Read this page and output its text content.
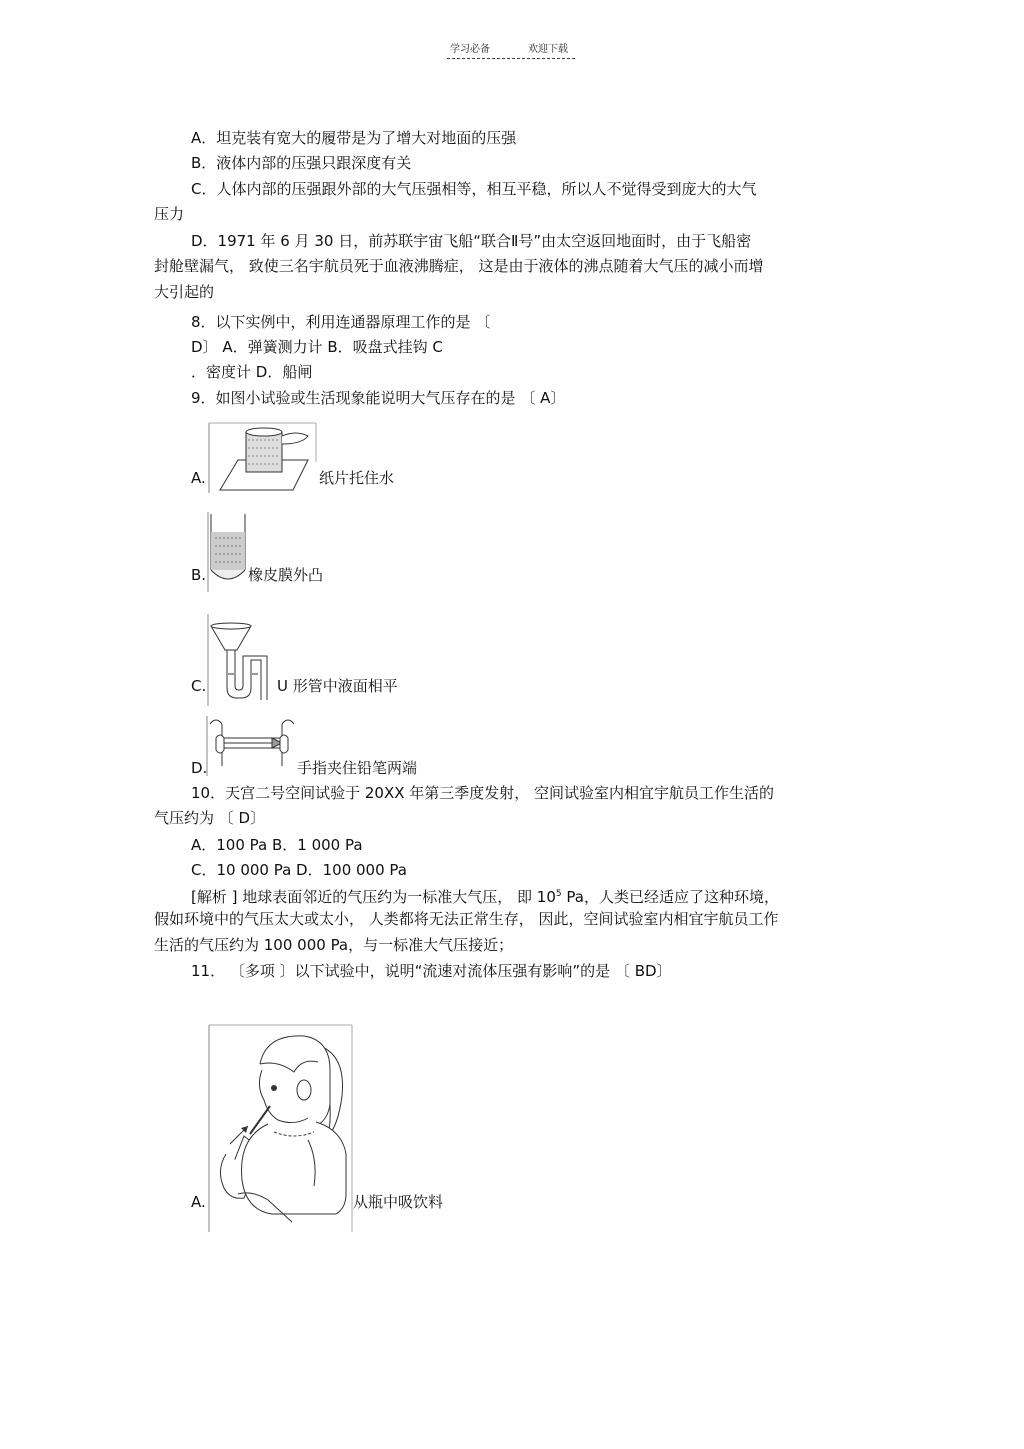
学习必备	欢迎下载
A．坦克装有宽大的履带是为了增大对地面的压强
B．液体内部的压强只跟深度有关
C．人体内部的压强跟外部的大气压强相等，相互平稳，所以人不觉得受到庞大的大气
压力
D．1971 年 6 月 30 日，前苏联宇宙飞船“联合Ⅱ号”由太空返回地面时，由于飞船密
封舱壁漏气， 致使三名宇航员死于血液沸腾症， 这是由于液体的沸点随着大气压的减小而增
大引起的
8．以下实例中，利用连通器原理工作的是 〔
D〕 A．弹簧测力计 B．吸盘式挂钩 C
．密度计 D．船闸
9．如图小试验或生活现象能说明大气压存在的是 〔 A〕
A.	纸片托住水
B.	橡皮膜外凸
C.	U 形管中液面相平
D.	手指夹住铅笔两端
10．天宫二号空间试验于 20XX 年第三季度发射， 空间试验室内相宜宇航员工作生活的
气压约为 〔 D〕
A．100 Pa B．1 000 Pa
C．10 000 Pa D．100 000 Pa
[解析 ] 地球表面邻近的气压约为一标准大气压， 即 $10^5$ Pa，人类已经适应了这种环境，
假如环境中的气压太大或太小， 人类都将无法正常生存， 因此，空间试验室内相宜宇航员工作
生活的气压约为 100 000 Pa，与一标准大气压接近；
11． 〔多项 〕以下试验中，说明“流速对流体压强有影响”的是 〔 BD〕
A.	从瓶中吸饮料
